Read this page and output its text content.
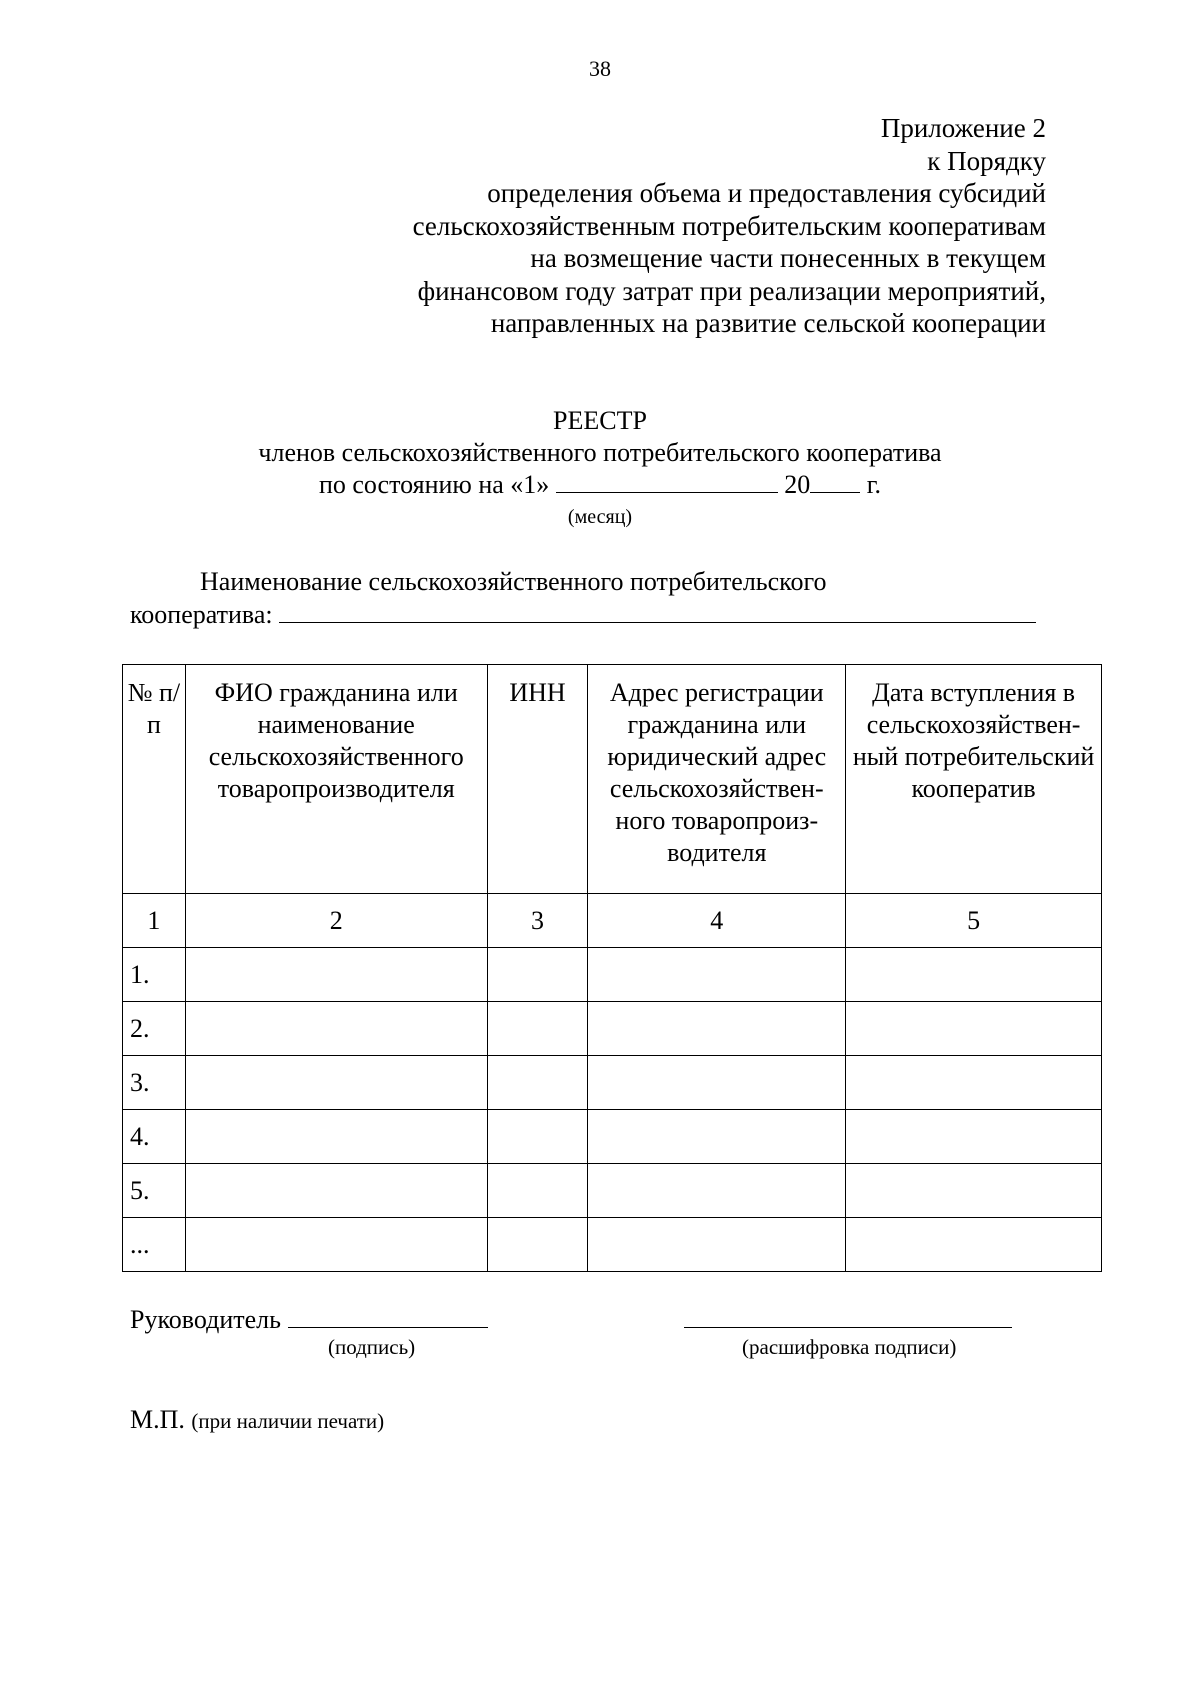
38
Приложение 2
к Порядку
определения объема и предоставления субсидий
сельскохозяйственным потребительским кооперативам
на возмещение части понесенных в текущем
финансовом году затрат при реализации мероприятий,
направленных на развитие сельской кооперации
РЕЕСТР
членов сельскохозяйственного потребительского кооператива
по состоянию на «1»	20 г.
(месяц)
Наименование сельскохозяйственного потребительского
кооператива:
№ п/п	ФИО гражданина или наименование сельскохозяйственного товаропроизводителя	ИНН	Адрес регистрации гражданина или юридический адрес сельскохозяйствен-ного товаропроиз-водителя	Дата вступления в сельскохозяйствен-ный потребительский кооператив
1	2	3	4	5
1.				
2.				
3.				
4.				
5.				
...				
Руководитель
(подпись)	(расшифровка подписи)
М.П. (при наличии печати)
